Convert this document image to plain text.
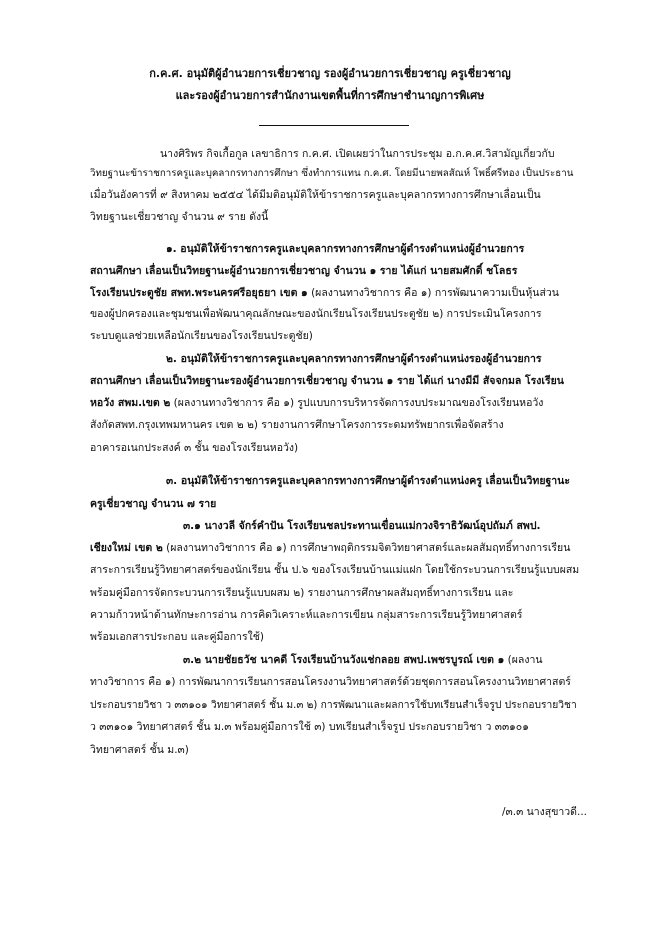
ก.ค.ศ. อนุมัติผู้อำนวยการเชี่ยวชาญ รองผู้อำนวยการเชี่ยวชาญ ครูเชี่ยวชาญ
และรองผู้อำนวยการสำนักงานเขตพื้นที่การศึกษาชำนาญการพิเศษ
นางศิริพร กิจเกื้อกูล เลขาธิการ ก.ค.ศ. เปิดเผยว่าในการประชุม อ.ก.ค.ศ.วิสามัญเกี่ยวกับ
วิทยฐานะข้าราชการครูและบุคลากรทางการศึกษา ซึ่งทำการแทน ก.ค.ศ. โดยมีนายพลสัณห์ โพธิ์ศรีทอง เป็นประธาน
เมื่อวันอังคารที่ ๙ สิงหาคม ๒๕๕๔ ได้มีมติอนุมัติให้ข้าราชการครูและบุคลากรทางการศึกษาเลื่อนเป็น
วิทยฐานะเชี่ยวชาญ จำนวน ๙ ราย ดังนี้
๑. อนุมัติให้ข้าราชการครูและบุคลากรทางการศึกษาผู้ดำรงตำแหน่งผู้อำนวยการ
สถานศึกษา เลื่อนเป็นวิทยฐานะผู้อำนวยการเชี่ยวชาญ จำนวน ๑ ราย ได้แก่ นายสมศักดิ์ ชโลธร
โรงเรียนประตูชัย สพท.พระนครศรีอยุธยา เขต ๑ (ผลงานทางวิชาการ คือ ๑) การพัฒนาความเป็นหุ้นส่วน
ของผู้ปกครองและชุมชนเพื่อพัฒนาคุณลักษณะของนักเรียนโรงเรียนประตูชัย ๒) การประเมินโครงการ
ระบบดูแลช่วยเหลือนักเรียนของโรงเรียนประตูชัย)
๒. อนุมัติให้ข้าราชการครูและบุคลากรทางการศึกษาผู้ดำรงตำแหน่งรองผู้อำนวยการ
สถานศึกษา เลื่อนเป็นวิทยฐานะรองผู้อำนวยการเชี่ยวชาญ จำนวน ๑ ราย ได้แก่ นางมีมี สัจจกมล โรงเรียน
หอวัง สพม.เขต ๒ (ผลงานทางวิชาการ คือ ๑) รูปแบบการบริหารจัดการงบประมาณของโรงเรียนหอวัง
สังกัดสพท.กรุงเทพมหานคร เขต ๒ ๒) รายงานการศึกษาโครงการระดมทรัพยากรเพื่อจัดสร้าง
อาคารอเนกประสงค์ ๓ ชั้น ของโรงเรียนหอวัง)
๓. อนุมัติให้ข้าราชการครูและบุคลากรทางการศึกษาผู้ดำรงตำแหน่งครู เลื่อนเป็นวิทยฐานะ
ครูเชี่ยวชาญ จำนวน ๗ ราย
๓.๑ นางวลี จักร์คำปัน โรงเรียนชลประทานเขื่อนแม่กวงจิราธิวัฒน์อุปถัมภ์ สพป.
เชียงใหม่ เขต ๒ (ผลงานทางวิชาการ คือ ๑) การศึกษาพฤติกรรมจิตวิทยาศาสตร์และผลสัมฤทธิ์ทางการเรียน
สาระการเรียนรู้วิทยาศาสตร์ของนักเรียน ชั้น ป.๖ ของโรงเรียนบ้านแม่แฝก โดยใช้กระบวนการเรียนรู้แบบผสม
พร้อมคู่มือการจัดกระบวนการเรียนรู้แบบผสม ๒) รายงานการศึกษาผลสัมฤทธิ์ทางการเรียน และ
ความก้าวหน้าด้านทักษะการอ่าน การคิดวิเคราะห์และการเขียน กลุ่มสาระการเรียนรู้วิทยาศาสตร์
พร้อมเอกสารประกอบ และคู่มือการใช้)
๓.๒ นายชัยธวัช นาคดี โรงเรียนบ้านวังแช่กลอย สพป.เพชรบูรณ์ เขต ๑ (ผลงาน
ทางวิชาการ คือ ๑) การพัฒนาการเรียนการสอนโครงงานวิทยาศาสตร์ด้วยชุดการสอนโครงงานวิทยาศาสตร์
ประกอบรายวิชา ว ๓๓๑๐๑ วิทยาศาสตร์ ชั้น ม.๓ ๒) การพัฒนาและผลการใช้บทเรียนสำเร็จรูป ประกอบรายวิชา
ว ๓๓๑๐๑ วิทยาศาสตร์ ชั้น ม.๓ พร้อมคู่มือการใช้ ๓) บทเรียนสำเร็จรูป ประกอบรายวิชา ว ๓๓๑๐๑
วิทยาศาสตร์ ชั้น ม.๓)
/๓.๓ นางสุขาวดี...
